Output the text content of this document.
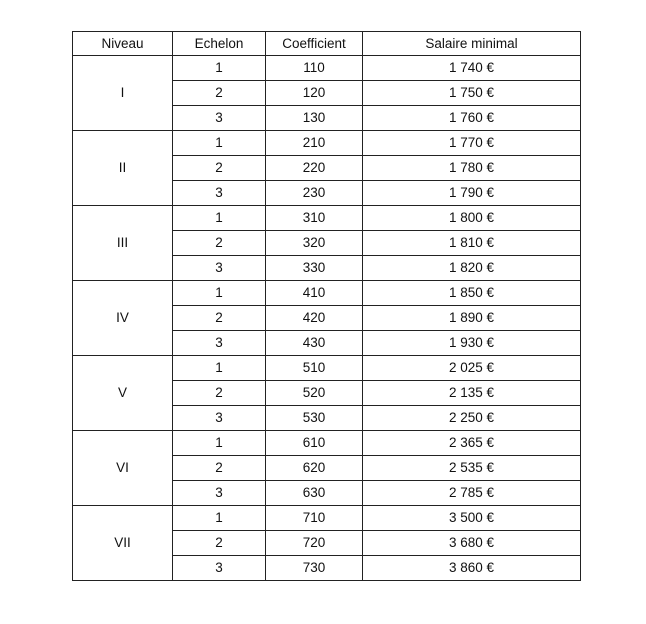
Niveau	Echelon	Coefficient	Salaire minimal
I	1	110	1 740 €
	2	120	1 750 €
	3	130	1 760 €
II	1	210	1 770 €
	2	220	1 780 €
	3	230	1 790 €
III	1	310	1 800 €
	2	320	1 810 €
	3	330	1 820 €
IV	1	410	1 850 €
	2	420	1 890 €
	3	430	1 930 €
V	1	510	2 025 €
	2	520	2 135 €
	3	530	2 250 €
VI	1	610	2 365 €
	2	620	2 535 €
	3	630	2 785 €
VII	1	710	3 500 €
	2	720	3 680 €
	3	730	3 860 €
